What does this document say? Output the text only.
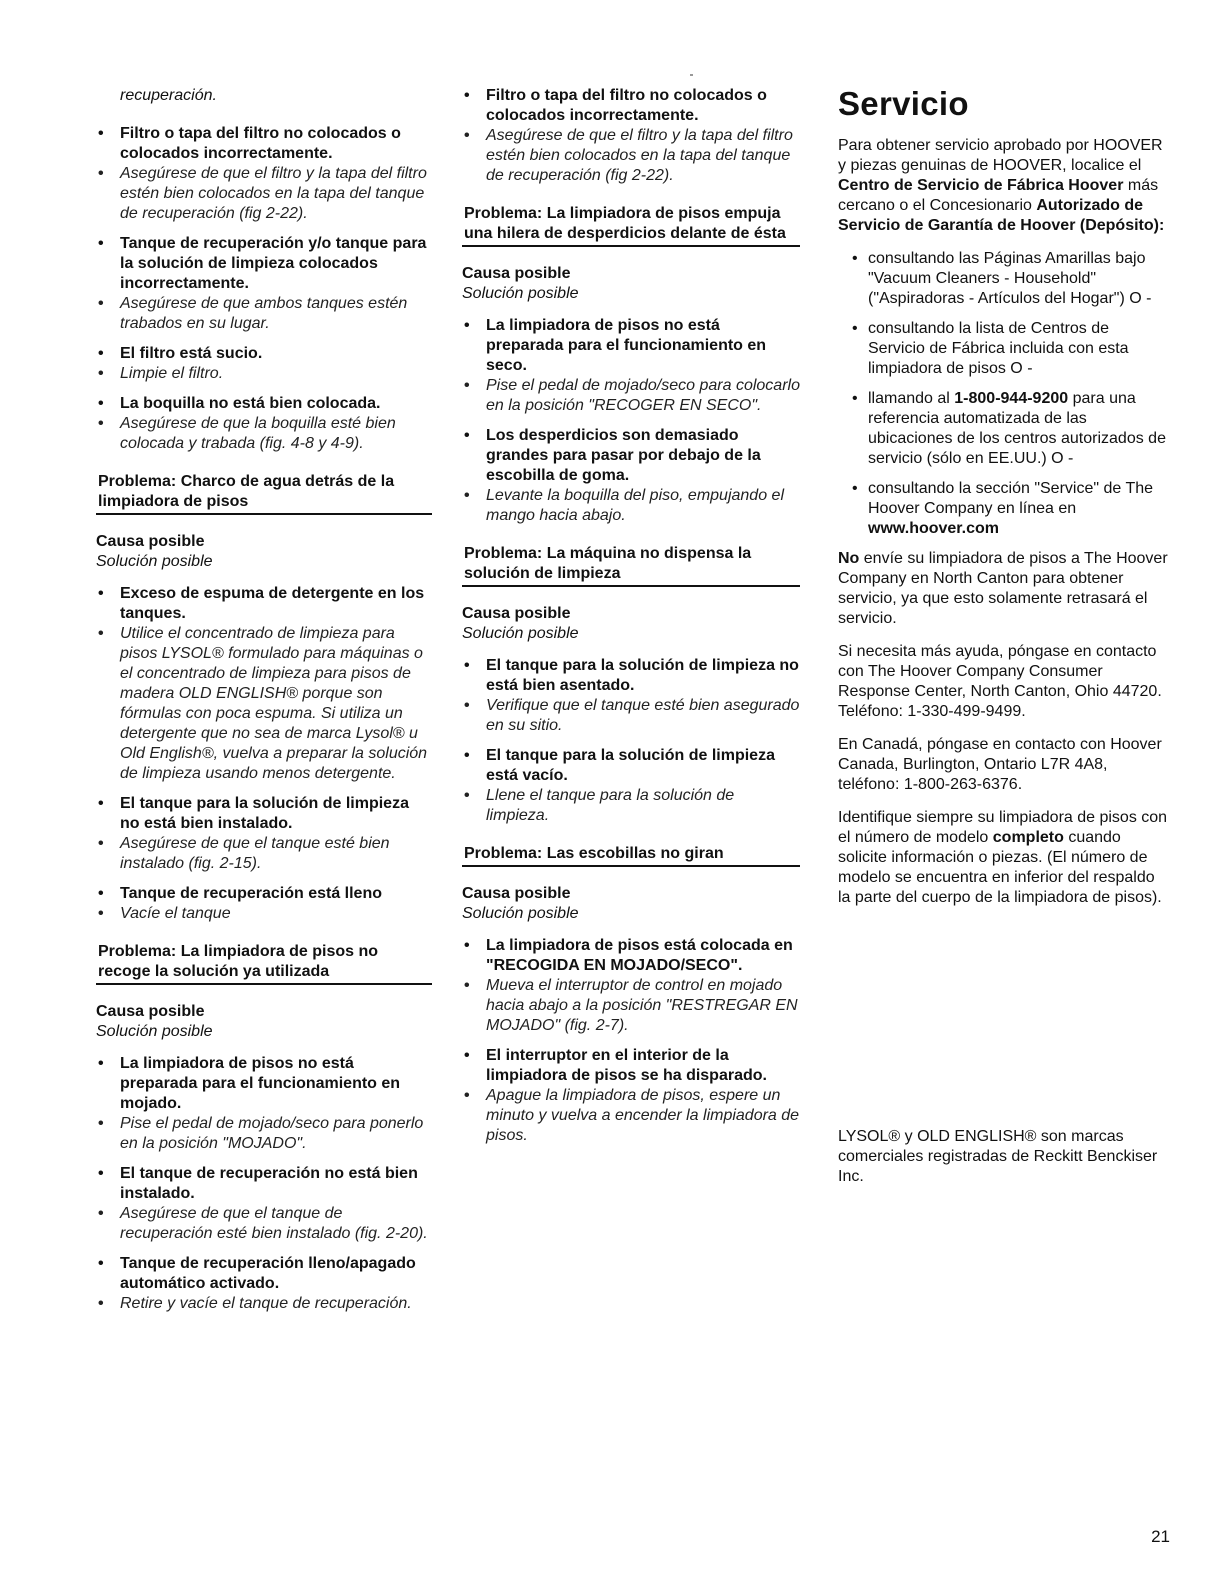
recuperación.
• Filtro o tapa del filtro no colocados o colocados incorrectamente.
• Asegúrese de que el filtro y la tapa del filtro estén bien colocados en la tapa del tanque de recuperación (fig 2-22).
• Tanque de recuperación y/o tanque para la solución de limpieza colocados incorrectamente.
• Asegúrese de que ambos tanques estén trabados en su lugar.
• El filtro está sucio.
• Limpie el filtro.
• La boquilla no está bien colocada.
• Asegúrese de que la boquilla esté bien colocada y trabada (fig. 4-8 y 4-9).
Problema: Charco de agua detrás de la limpiadora de pisos
Causa posible
Solución posible
• Exceso de espuma de detergente en los tanques.
• Utilice el concentrado de limpieza para pisos LYSOL® formulado para máquinas o el concentrado de limpieza para pisos de madera OLD ENGLISH® porque son fórmulas con poca espuma. Si utiliza un detergente que no sea de marca Lysol® u Old English®, vuelva a preparar la solución de limpieza usando menos detergente.
• El tanque para la solución de limpieza no está bien instalado.
• Asegúrese de que el tanque esté bien instalado (fig. 2-15).
• Tanque de recuperación está lleno
• Vacíe el tanque
Problema: La limpiadora de pisos no recoge la solución ya utilizada
Causa posible
Solución posible
• La limpiadora de pisos no está preparada para el funcionamiento en mojado.
• Pise el pedal de mojado/seco para ponerlo en la posición "MOJADO".
• El tanque de recuperación no está bien instalado.
• Asegúrese de que el tanque de recuperación esté bien instalado (fig. 2-20).
• Tanque de recuperación lleno/apagado automático activado.
• Retire y vacíe el tanque de recuperación.
• Filtro o tapa del filtro no colocados o colocados incorrectamente.
• Asegúrese de que el filtro y la tapa del filtro estén bien colocados en la tapa del tanque de recuperación (fig 2-22).
Problema: La limpiadora de pisos empuja una hilera de desperdicios delante de ésta
Causa posible
Solución posible
• La limpiadora de pisos no está preparada para el funcionamiento en seco.
• Pise el pedal de mojado/seco para colocarlo en la posición "RECOGER EN SECO".
• Los desperdicios son demasiado grandes para pasar por debajo de la escobilla de goma.
• Levante la boquilla del piso, empujando el mango hacia abajo.
Problema: La máquina no dispensa la solución de limpieza
Causa posible
Solución posible
• El tanque para la solución de limpieza no está bien asentado.
• Verifique que el tanque esté bien asegurado en su sitio.
• El tanque para la solución de limpieza está vacío.
• Llene el tanque para la solución de limpieza.
Problema: Las escobillas no giran
Causa posible
Solución posible
• La limpiadora de pisos está colocada en "RECOGIDA EN MOJADO/SECO".
• Mueva el interruptor de control en mojado hacia abajo a la posición "RESTREGAR EN MOJADO" (fig. 2-7).
• El interruptor en el interior de la limpiadora de pisos se ha disparado.
• Apague la limpiadora de pisos, espere un minuto y vuelva a encender la limpiadora de pisos.
Servicio
Para obtener servicio aprobado por HOOVER y piezas genuinas de HOOVER, localice el Centro de Servicio de Fábrica Hoover más cercano o el Concesionario Autorizado de Servicio de Garantía de Hoover (Depósito):
• consultando las Páginas Amarillas bajo "Vacuum Cleaners - Household" ("Aspiradoras - Artículos del Hogar") O -
• consultando la lista de Centros de Servicio de Fábrica incluida con esta limpiadora de pisos O -
• llamando al 1-800-944-9200 para una referencia automatizada de las ubicaciones de los centros autorizados de servicio (sólo en EE.UU.) O -
• consultando la sección "Service" de The Hoover Company en línea en www.hoover.com
No envíe su limpiadora de pisos a The Hoover Company en North Canton para obtener servicio, ya que esto solamente retrasará el servicio.
Si necesita más ayuda, póngase en contacto con The Hoover Company Consumer Response Center, North Canton, Ohio 44720.
Teléfono: 1-330-499-9499.
En Canadá, póngase en contacto con Hoover Canada, Burlington, Ontario L7R 4A8, teléfono: 1-800-263-6376.
Identifique siempre su limpiadora de pisos con el número de modelo completo cuando solicite información o piezas. (El número de modelo se encuentra en inferior del respaldo la parte del cuerpo de la limpiadora de pisos).
LYSOL® y OLD ENGLISH® son marcas comerciales registradas de Reckitt Benckiser Inc.
21
